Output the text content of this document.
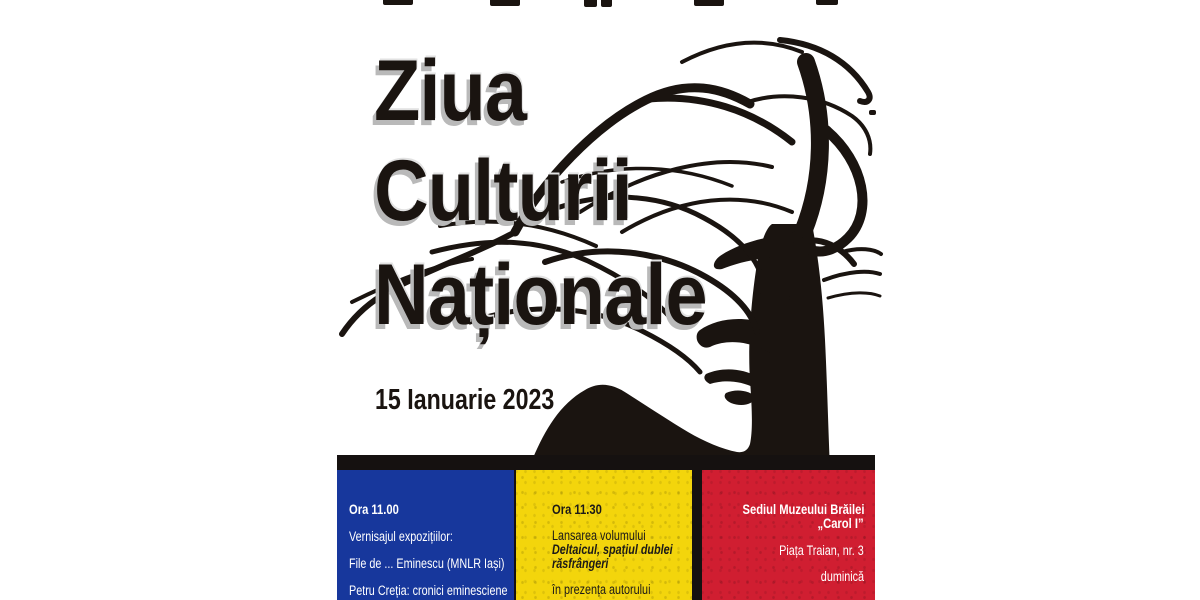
Ziua
Culturii
Naționale
15 Ianuarie 2023
Ora 11.00
Vernisajul expozițiilor:
File de ... Eminescu (MNLR Iași)
Petru Creția: cronici eminesciene
Ora 11.30
Lansarea volumului
Deltaicul, spațiul dublei
răsfrângeri
în prezența autorului
Sediul Muzeului Brăilei
„Carol I”
Piața Traian, nr. 3
duminică
